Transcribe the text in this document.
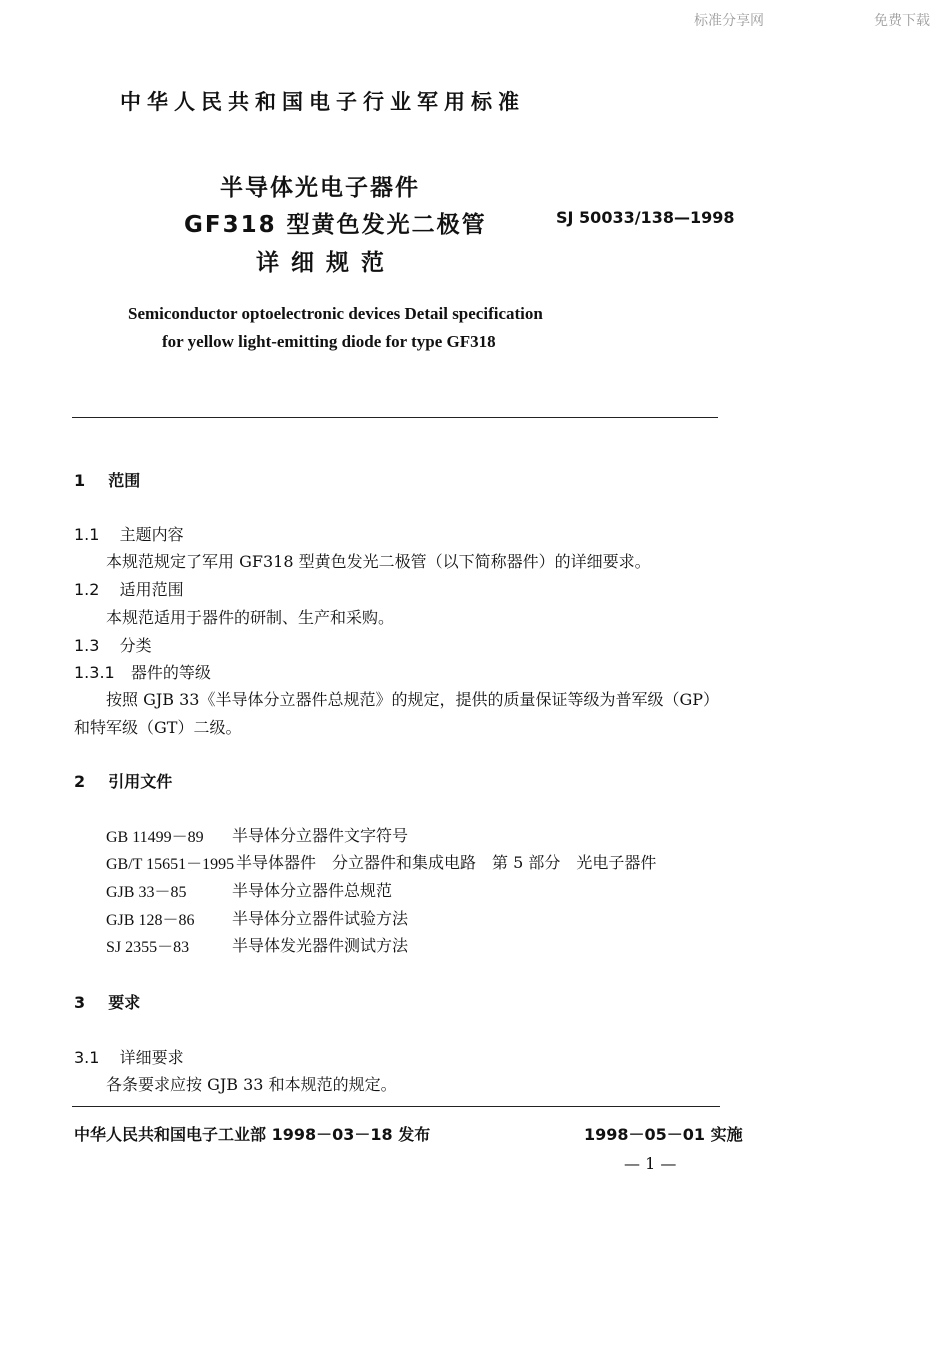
标准分享网	免费下载
中华人民共和国电子行业军用标准
半导体光电子器件
GF318 型黄色发光二极管
详 细 规 范
SJ 50033/138—1998
Semiconductor optoelectronic devices Detail specification
for yellow light-emitting diode for type GF318
1 范围
1.1 主题内容
本规范规定了军用 GF318 型黄色发光二极管（以下简称器件）的详细要求。
1.2 适用范围
本规范适用于器件的研制、生产和采购。
1.3 分类
1.3.1 器件的等级
按照 GJB 33《半导体分立器件总规范》的规定，提供的质量保证等级为普军级（GP）
和特军级（GT）二级。
2 引用文件
GB 11499－89 半导体分立器件文字符号
GB/T 15651－1995 半导体器件　分立器件和集成电路　第 5 部分　光电子器件
GJB 33－85	半导体分立器件总规范
GJB 128－86 半导体分立器件试验方法
SJ 2355－83	半导体发光器件测试方法
3 要求
3.1 详细要求
各条要求应按 GJB 33 和本规范的规定。
中华人民共和国电子工业部 1998－03－18 发布	1998－05－01 实施
— 1 —
